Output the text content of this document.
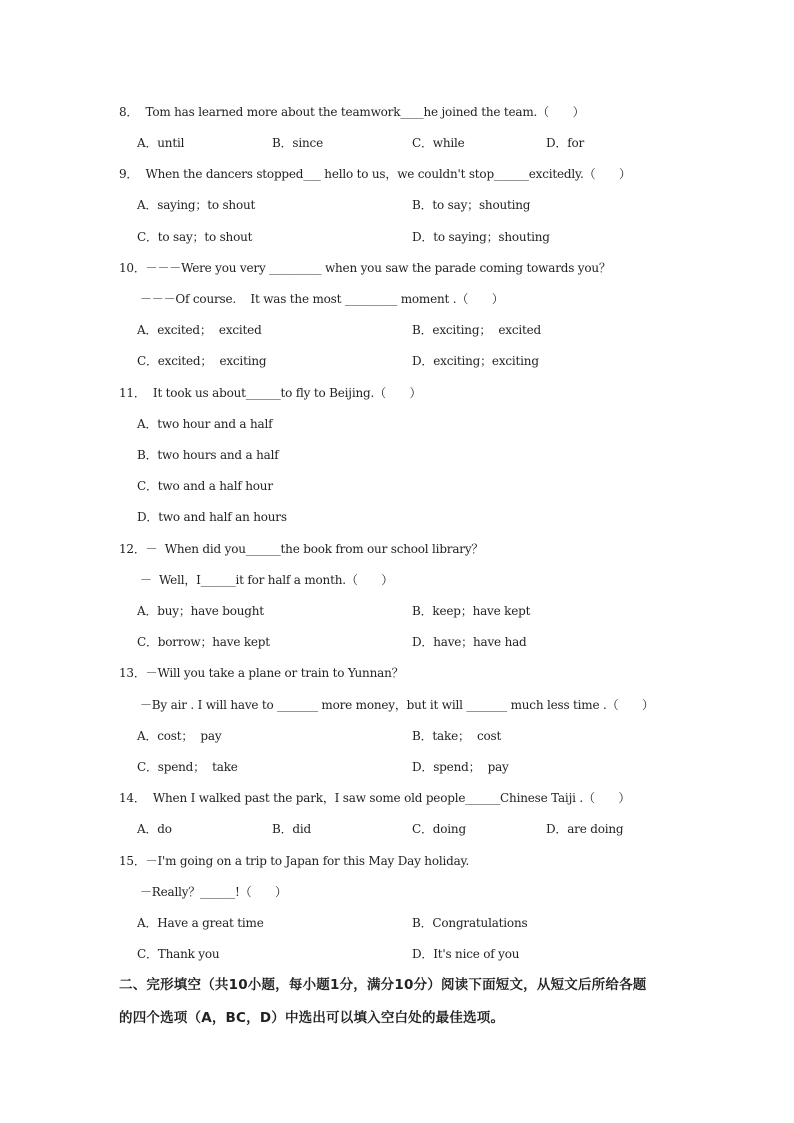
8．  Tom has learned more about the teamwork____he joined the team.（　　）
A．until	B．since	C．while	D．for
9．  When the dancers stopped___ hello to us，we couldn't stop______excitedly.（　　）
A．saying；to shout	B．to say；shouting
C．to say；to shout	D．to saying；shouting
10．－－－Were you very _________ when you saw the parade coming towards you？
－－－Of course.    It was the most _________ moment .（　　）
A．excited；  excited	B．exciting；  excited
C．excited；  exciting	D．exciting；exciting
11．  It took us about______to fly to Beijing.（　　）
A．two hour and a half
B．two hours and a half
C．two and a half hour
D．two and half an hours
12．－  When did you______the book from our school library？
－  Well，I______it for half a month.（　　）
A．buy；have bought	B．keep；have kept
C．borrow；have kept	D．have；have had
13．－Will you take a plane or train to Yunnan？
－By air . I will have to _______ more money，but it will _______ much less time .（　　）
A．cost；  pay	B．take；  cost
C．spend；  take	D．spend；  pay
14．  When I walked past the park，I saw some old people______Chinese Taiji .（　　）
A．do	B．did	C．doing	D．are doing
15．－I'm going on a trip to Japan for this May Day holiday.
－Really？______!（　　）
A．Have a great time	B．Congratulations
C．Thank you	D．It's nice of you
二、完形填空（共10小题，每小题1分，满分10分）阅读下面短文，从短文后所给各题
的四个选项（A，BC，D）中选出可以填入空白处的最佳选项。
